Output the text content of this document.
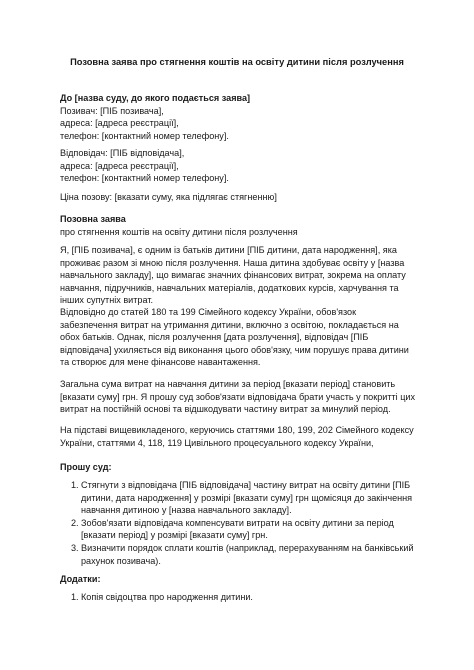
Позовна заява про стягнення коштів на освіту дитини після розлучення
До [назва суду, до якого подається заява]
Позивач: [ПІБ позивача],
адреса: [адреса реєстрації],
телефон: [контактний номер телефону].
Відповідач: [ПІБ відповідача],
адреса: [адреса реєстрації],
телефон: [контактний номер телефону].
Ціна позову: [вказати суму, яка підлягає стягненню]
Позовна заява
про стягнення коштів на освіту дитини після розлучення

Я, [ПІБ позивача], є одним із батьків дитини [ПІБ дитини, дата народження], яка проживає разом зі мною після розлучення. Наша дитина здобуває освіту у [назва навчального закладу], що вимагає значних фінансових витрат, зокрема на оплату навчання, підручників, навчальних матеріалів, додаткових курсів, харчування та інших супутніх витрат.

Відповідно до статей 180 та 199 Сімейного кодексу України, обов'язок забезпечення витрат на утримання дитини, включно з освітою, покладається на обох батьків. Однак, після розлучення [дата розлучення], відповідач [ПІБ відповідача] ухиляється від виконання цього обов'язку, чим порушує права дитини та створює для мене фінансове навантаження.

Загальна сума витрат на навчання дитини за період [вказати період] становить [вказати суму] грн. Я прошу суд зобов'язати відповідача брати участь у покритті цих витрат на постійній основі та відшкодувати частину витрат за минулий період.

На підставі вищевикладеного, керуючись статтями 180, 199, 202 Сімейного кодексу України, статтями 4, 118, 119 Цивільного процесуального кодексу України,

Прошу суд:
1. Стягнути з відповідача [ПІБ відповідача] частину витрат на освіту дитини [ПІБ дитини, дата народження] у розмірі [вказати суму] грн щомісяця до закінчення навчання дитиною у [назва навчального закладу].
2. Зобов'язати відповідача компенсувати витрати на освіту дитини за період [вказати період] у розмірі [вказати суму] грн.
3. Визначити порядок сплати коштів (наприклад, перерахуванням на банківський рахунок позивача).
Додатки:
1. Копія свідоцтва про народження дитини.
